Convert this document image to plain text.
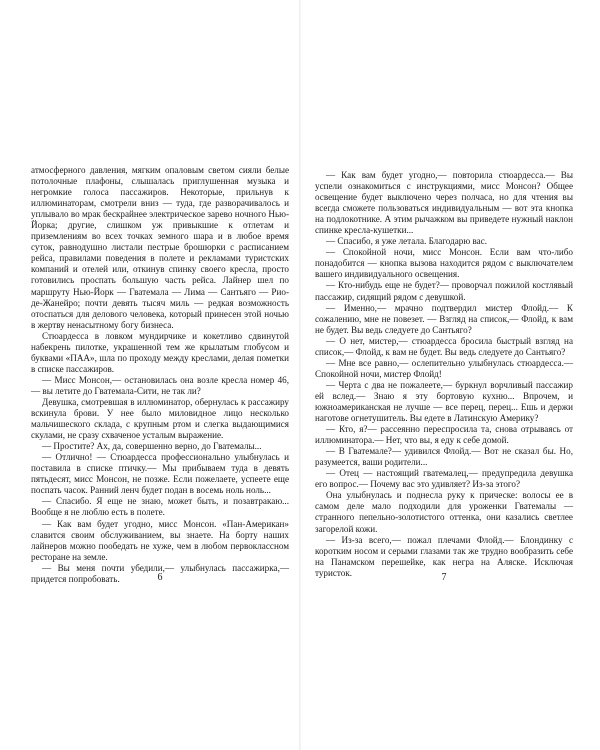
атмосферного давления, мягким опаловым светом сияли белые потолочные плафоны, слышалась приглушенная музыка и негромкие голоса пассажиров. Некоторые, прильнув к иллюминаторам, смотрели вниз — туда, где разворачивалось и уплывало во мрак бескрайнее электрическое зарево ночного Нью-Йорка; другие, слишком уж привыкшие к отлетам и приземлениям во всех точках земного шара и в любое время суток, равнодушно листали пестрые брошюрки с расписанием рейса, правилами поведения в полете и рекламами туристских компаний и отелей или, откинув спинку своего кресла, просто готовились проспать большую часть рейса. Лайнер шел по маршруту Нью-Йорк — Гватемала — Лима — Сантьяго — Рио-де-Жанейро; почти девять тысяч миль — редкая возможность отоспаться для делового человека, который принесен этой ночью в жертву ненасытному богу бизнеса.

Стюардесса в ловком мундирчике и кокетливо сдвинутой набекрень пилотке, украшенной тем же крылатым глобусом и буквами «ПАА», шла по проходу между креслами, делая пометки в списке пассажиров.

— Мисс Монсон,— остановилась она возле кресла номер 46,— вы летите до Гватемала-Сити, не так ли?

Девушка, смотревшая в иллюминатор, обернулась к рассажиру вскинула брови. У нее было миловидное лицо несколько мальчишеского склада, с крупным ртом и слегка выдающимися скулами, не сразу схваченое усталым выражение.

— Простите? Ах, да, совершенно верно, до Гватемалы...

— Отлично! — Стюардесса профессионально улыбнулась и поставила в списке птичку.— Мы прибываем туда в девять пятьдесят, мисс Монсон, не позже. Если пожелаете, успеете еще поспать часок. Ранний ленч будет подан в восемь ноль ноль...

— Спасибо. Я еще не знаю, может быть, и позавтракаю... Вообще я не люблю есть в полете.

— Как вам будет угодно, мисс Монсон. «Пан-Американ» славится своим обслуживанием, вы знаете. На борту наших лайнеров можно пообедать не хуже, чем в любом первоклассном ресторане на земле.

— Вы меня почти убедили,— улыбнулась пассажирка,— придется попробовать.	6

— Как вам будет угодно,— повторила стюардесса.— Вы успели ознакомиться с инструкциями, мисс Монсон? Общее освещение будет выключено через полчаса, но для чтения вы всегда сможете пользоваться индивидуальным — вот эта кнопка на подлокотнике. А этим рычажком вы приведете нужный наклон спинке кресла-кушетки...

— Спасибо, я уже летала. Благодарю вас.

— Спокойной ночи, мисс Монсон. Если вам что-либо понадобится — кнопка вызова находится рядом с выключателем вашего индивидуального освещения.

— Кто-нибудь еще не будет?— проворчал пожилой костлявый пассажир, сидящий рядом с девушкой.

— Именно,— мрачно подтвердил мистер Флойд.— К сожалению, мне не повезет. — Взгляд на список,— Флойд, к вам не будет. Вы ведь следуете до Сантьяго?

— О нет, мистер,— стюардесса бросила быстрый взгляд на список,— Флойд, к вам не будет. Вы ведь следуете до Сантьяго?

— Мне все равно,— ослепительно улыбнулась стюардесса.— Спокойной ночи, мистер Флойд!

— Черта с два не пожалеете,— буркнул ворчливый пассажир ей вслед.— Знаю я эту бортовую кухню... Впрочем, и южноамериканская не лучше — все перец, перец... Ешь и держи наготове огнетушитель. Вы едете в Латинскую Америку?

— Кто, я?— рассеянно переспросила та, снова отрываясь от иллюминатора.— Нет, что вы, я еду к себе домой.

— В Гватемале?— удивился Флойд.— Вот не сказал бы. Но, разумеется, ваши родители...

— Отец — настоящий гватемалец,— предупредила девушка его вопрос.— Почему вас это удивляет? Из-за этого?

Она улыбнулась и поднесла руку к прическе: волосы ее в самом деле мало подходили для уроженки Гватемалы — странного пепельно-золотистого оттенка, они казались светлее загорелой кожи.

— Из-за всего,— пожал плечами Флойд.— Блондинку с коротким носом и серыми глазами так же трудно вообразить себе на Панамском перешейке, как негра на Аляске. Исключая туристок.	7
